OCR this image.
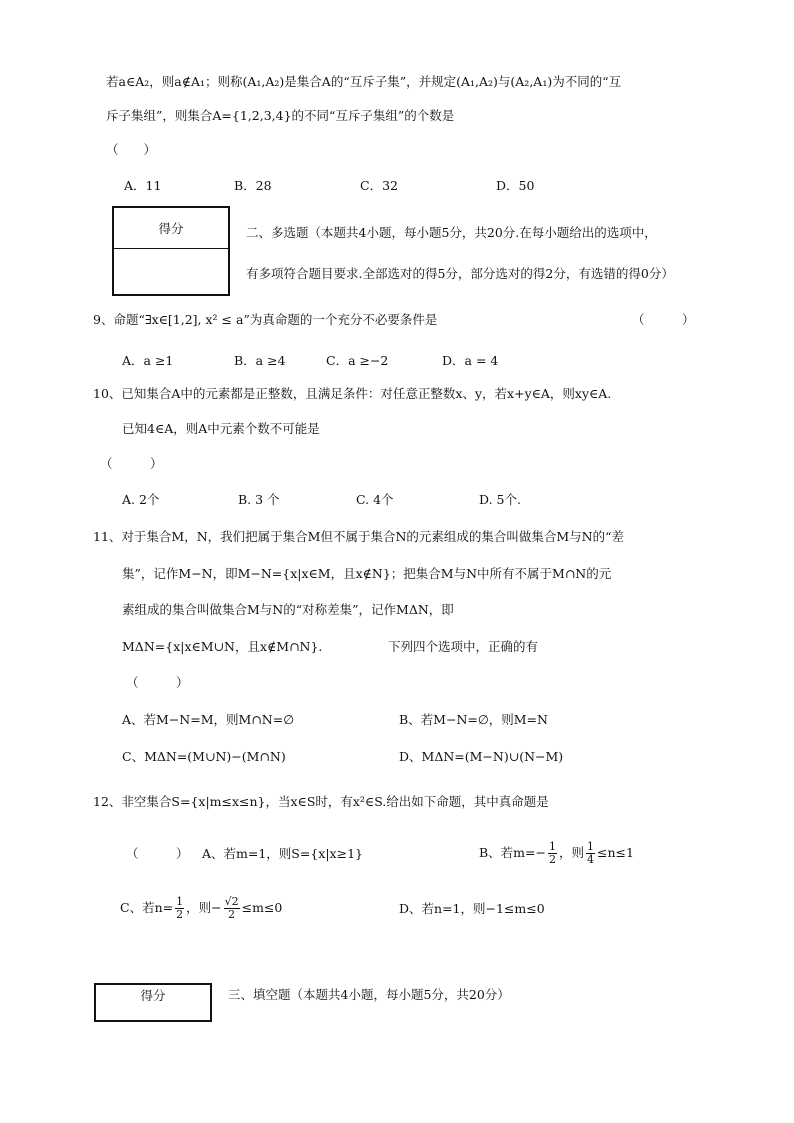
若a∈A₂，则a∉A₁；则称(A₁,A₂)是集合A的“互斥子集”，并规定(A₁,A₂)与(A₂,A₁)为不同的“互
斥子集组”，则集合A={1,2,3,4}的不同“互斥子集组”的个数是
（　　）
A．11	B．28	C．32	D．50
得分	二、多选题（本题共4小题，每小题5分，共20分.在每小题给出的选项中，
有多项符合题目要求.全部选对的得5分，部分选对的得2分，有选错的得0分）
9、命题“∃x∈[1,2], x² ≤ a”为真命题的一个充分不必要条件是	（　　　）
A．a ≥1	B．a ≥4	C．a ≥−2	D．a = 4
10、已知集合A中的元素都是正整数，且满足条件：对任意正整数x、y，若x+y∈A，则xy∈A.
已知4∈A，则A中元素个数不可能是
（　　　）
A. 2个	B. 3 个	C. 4个	D. 5个.
11、对于集合M，N，我们把属于集合M但不属于集合N的元素组成的集合叫做集合M与N的“差
集”，记作M−N，即M−N={x|x∈M，且x∉N}；把集合M与N中所有不属于M∩N的元
素组成的集合叫做集合M与N的“对称差集”，记作MΔN，即
MΔN={x|x∈M∪N，且x∉M∩N}.	下列四个选项中，正确的有
（　　　）
A、若M−N=M，则M∩N=∅	B、若M−N=∅，则M=N
C、MΔN=(M∪N)−(M∩N)	D、MΔN=(M−N)∪(N−M)
12、非空集合S={x|m≤x≤n}，当x∈S时，有x²∈S.给出如下命题，其中真命题是
（　　　） A、若m=1，则S={x|x≥1}	B、若$m=- \frac{1}{2}$ ，则 $\frac{1}{4} \le n\le 1$
C、若$n= \frac{1}{2}$ ，则− $\frac{√2}{2} \le m\le 0$	D、若n=1，则−1≤m≤0
得分	三、填空题（本题共4小题，每小题5分，共20分）
